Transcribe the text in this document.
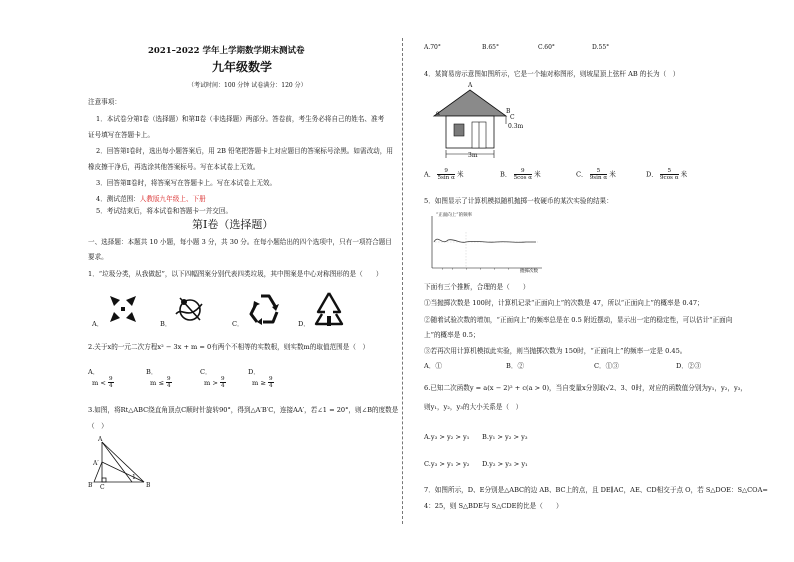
2021–2022 学年上学期数学期末测试卷
九年级数学
（考试时间：100 分钟 试卷满分：120 分）
注意事项：
1．本试卷分第Ⅰ卷（选择题）和第Ⅱ卷（非选择题）两部分。答卷前，考生务必将自己的姓名、准考
证号填写在答题卡上。
2．回答第Ⅰ卷时，选出每小题答案后，用 2B 铅笔把答题卡上对应题目的答案标号涂黑。如需改动，用
橡皮擦干净后，再选涂其他答案标号。写在本试卷上无效。
3．回答第Ⅱ卷时，将答案写在答题卡上。写在本试卷上无效。
4．测试范围：人教版九年级上、下册
5．考试结束后，将本试卷和答题卡一并交回。
第Ⅰ卷（选择题）
一、选择题：本题共 10 小题，每小题 3 分，共 30 分。在每小题给出的四个选项中，只有一项符合题目
要求。
1．“垃圾分类，从我做起”，以下四幅图案分别代表四类垃圾，其中图案是中心对称图形的是（　　）
A．	B．	C．	D．
2.关于x的一元二次方程x² − 3x + m = 0有两个不相等的实数根，则实数m的取值范围是（　）
A．
$m < \frac{9}{4}$
B．
$m \le \frac{9}{4}$
C．
$m > \frac{9}{4}$
D．
$m \ge \frac{9}{4}$
3.如图，将Rt△ABC绕直角顶点C顺时针旋转90°，得到△A′B′C，连接AA′，若∠1 = 20°，则∠B的度数是
（　）
A
A′
B′ C
1
B
A.70°	B.65°	C.60°	D.55°
4．某简易房示意图如图所示，它是一个轴对称图形，则坡屋顶上弦杆 AB 的长为（　）
A
B
C
α
0.3m
3m
A． $\frac{9}{\text{5sin α}}$ 米	B． $\frac{9}{\text{5cos α}}$ 米	C． $\frac{5}{\text{9sin α}}$ 米	D． $\frac{5}{\text{9cos α}}$ 米
5．如图显示了计算机模拟随机抛掷一枚硬币的某次实验的结果：
“正面向上”的频率
抛掷次数
下面有三个推断，合理的是（　　）
①当抛掷次数是 100时，计算机记录“正面向上”的次数是 47，所以“正面向上”的概率是 0.47；
②随着试验次数的增加，“正面向上”的频率总是在 0.5 附近摆动，显示出一定的稳定性，可以估计“正面向
上”的概率是 0.5；
③若再次用计算机模拟此实验，则当抛掷次数为 150时，“正面向上”的频率一定是 0.45。
A．①	B．②	C．①③	D．②③
6.已知二次函数y = a(x − 2)² + c(a > 0)，当自变量x分别取√2、3、0时，对应的函数值分别为y₁，y₂，y₃，
则y₁，y₂，y₃的大小关系是（　）
A.y₃ > y₂ > y₁ B.y₁ > y₂ > y₃
C.y₃ > y₁ > y₂ D.y₂ > y₃ > y₁
7．如图所示，D、E分别是△ABC的边 AB、BC上的点，且 DE∥AC，AE、CD相交于点 O，若 S△DOE：S△COA=
4：25，则 S△BDE与 S△CDE的比是（　　）
